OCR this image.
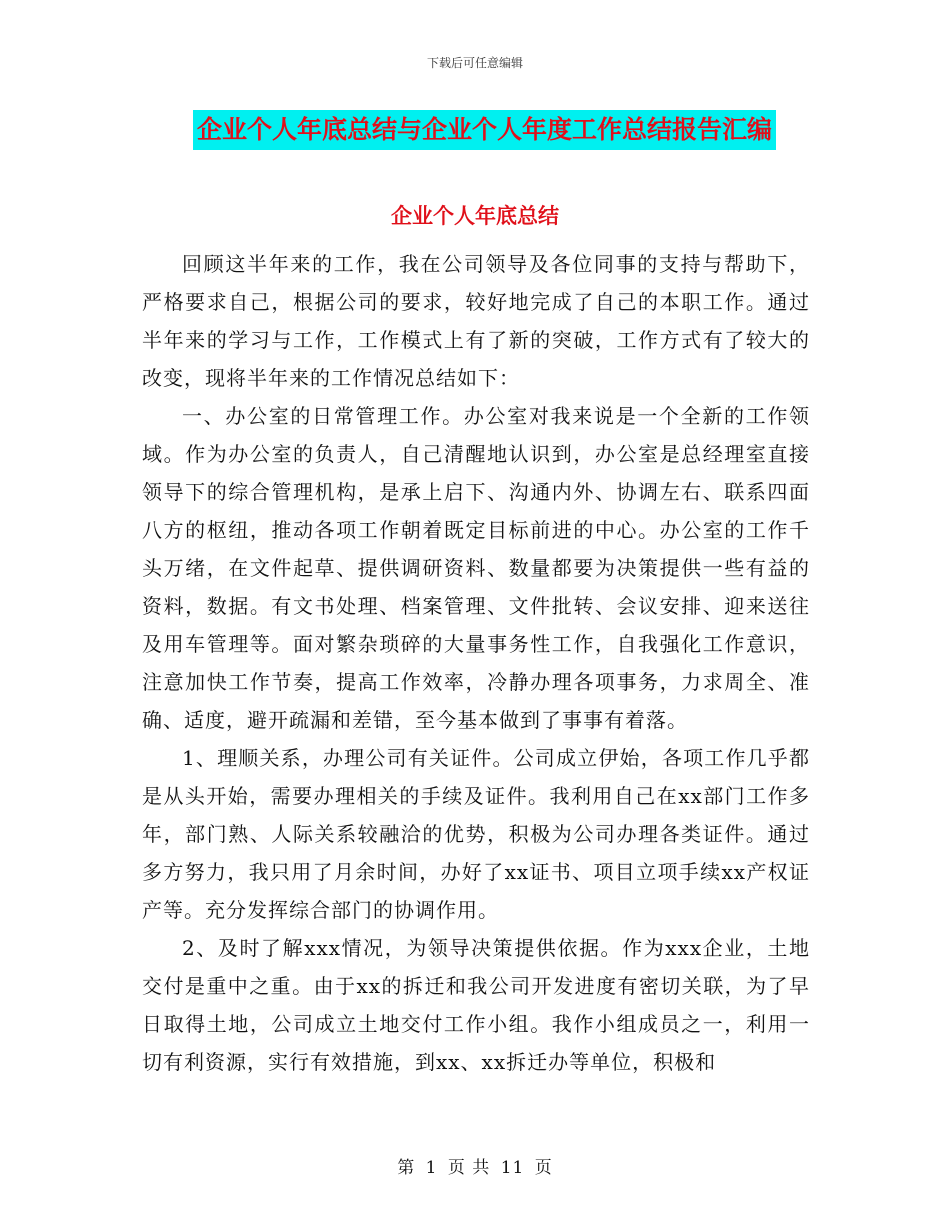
下载后可任意编辑
企业个人年底总结与企业个人年度工作总结报告汇编
企业个人年底总结

回顾这半年来的工作，我在公司领导及各位同事的支持与帮助下，严格要求自己，根据公司的要求，较好地完成了自己的本职工作。通过半年来的学习与工作，工作模式上有了新的突破，工作方式有了较大的改变，现将半年来的工作情况总结如下：

一、办公室的日常管理工作。办公室对我来说是一个全新的工作领域。作为办公室的负责人，自己清醒地认识到，办公室是总经理室直接领导下的综合管理机构，是承上启下、沟通内外、协调左右、联系四面八方的枢纽，推动各项工作朝着既定目标前进的中心。办公室的工作千头万绪，在文件起草、提供调研资料、数量都要为决策提供一些有益的资料，数据。有文书处理、档案管理、文件批转、会议安排、迎来送往及用车管理等。面对繁杂琐碎的大量事务性工作，自我强化工作意识，注意加快工作节奏，提高工作效率，冷静办理各项事务，力求周全、准确、适度，避开疏漏和差错，至今基本做到了事事有着落。

1、理顺关系，办理公司有关证件。公司成立伊始，各项工作几乎都是从头开始，需要办理相关的手续及证件。我利用自己在xx部门工作多年，部门熟、人际关系较融洽的优势，积极为公司办理各类证件。通过多方努力，我只用了月余时间，办好了xx证书、项目立项手续xx产权证产等。充分发挥综合部门的协调作用。

2、及时了解xxx情况，为领导决策提供依据。作为xxx企业，土地交付是重中之重。由于xx的拆迁和我公司开发进度有密切关联，为了早日取得土地，公司成立土地交付工作小组。我作小组成员之一，利用一切有利资源，实行有效措施，到xx、xx拆迁办等单位，积极和

第 1 页 共 11 页
